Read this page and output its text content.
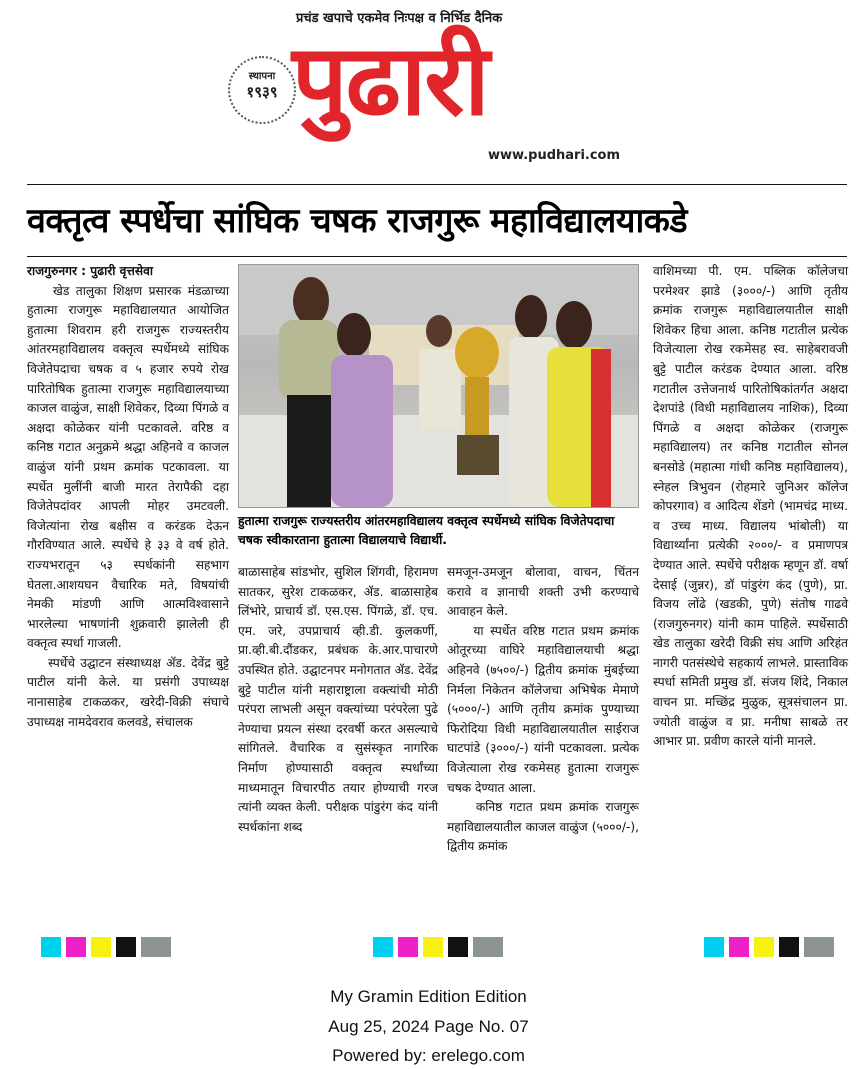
प्रचंड खपाचे एकमेव निःपक्ष व निर्भिड दैनिक
स्थापना
१९३९ पुढारी
www.pudhari.com
वक्तृत्व स्पर्धेचा सांघिक चषक राजगुरू महाविद्यालयाकडे

राजगुरुनगर : पुढारी वृत्तसेवा

खेड तालुका शिक्षण प्रसारक मंडळाच्या हुतात्मा राजगुरू महाविद्यालयात आयोजित हुतात्मा शिवराम हरी राजगुरू राज्यस्तरीय आंतरमहाविद्यालय वक्तृत्व स्पर्धेमध्ये सांघिक विजेतेपदाचा चषक व ५ हजार रुपये रोख पारितोषिक हुतात्मा राजगुरू महाविद्यालयाच्या काजल वाळुंज, साक्षी शिवेकर, दिव्या पिंगळे व अक्षदा कोळेकर यांनी पटकावले. वरिष्ठ व कनिष्ठ गटात अनुक्रमे श्रद्धा अहिनवे व काजल वाळुंज यांनी प्रथम क्रमांक पटकावला. या स्पर्धेत मुलींनी बाजी मारत तेरापैकी दहा विजेतेपदांवर आपली मोहर उमटवली. विजेत्यांना रोख बक्षीस व करंडक देऊन गौरविण्यात आले. स्पर्धेचे हे ३३ वे वर्ष होते. राज्यभरातून ५३ स्पर्धकांनी सहभाग घेतला.आशयघन वैचारिक मते, विषयांची नेमकी मांडणी आणि आत्मविश्वासाने भारलेल्या भाषणांनी शुक्रवारी झालेली ही वक्तृत्व स्पर्धा गाजली.

स्पर्धेचे उद्घाटन संस्थाध्यक्ष ॲड. देवेंद्र बुट्टे पाटील यांनी केले. या प्रसंगी उपाध्यक्ष नानासाहेब टाकळकर, खरेदी-विक्री संघाचे उपाध्यक्ष नामदेवराव कलवडे, संचालक

हुतात्मा राजगुरू राज्यस्तरीय आंतरमहाविद्यालय वक्तृत्व स्पर्धेमध्ये सांघिक विजेतेपदाचा चषक स्वीकारताना हुतात्मा विद्यालयाचे विद्यार्थी.

बाळासाहेब सांडभोर, सुशिल शिंगवी, हिरामण सातकर, सुरेश टाकळकर, ॲड. बाळासाहेब लिंभोरे, प्राचार्य डॉ. एस.एस. पिंगळे, डॉ. एच. एम. जरे, उपप्राचार्य व्ही.डी. कुलकर्णी, प्रा.व्ही.बी.दौंडकर, प्रबंधक के.आर.पाचारणे उपस्थित होते. उद्घाटनपर मनोगतात ॲड. देवेंद्र बुट्टे पाटील यांनी महाराष्ट्राला वक्त्यांची मोठी परंपरा लाभली असून वक्त्यांच्या परंपरेला पुढे नेण्याचा प्रयत्न संस्था दरवर्षी करत असल्याचे सांगितले. वैचारिक व सुसंस्कृत नागरिक निर्माण होण्यासाठी वक्तृत्व स्पर्धांच्या माध्यमातून विचारपीठ तयार होण्याची गरज त्यांनी व्यक्त केली. परीक्षक पांडुरंग कंद यांनी स्पर्धकांना शब्द

समजून-उमजून बोलावा, वाचन, चिंतन करावे व ज्ञानाची शक्ती उभी करण्याचे आवाहन केले.

या स्पर्धेत वरिष्ठ गटात प्रथम क्रमांक ओतूरच्या वाघिरे महाविद्यालयाची श्रद्धा अहिनवे (७५००/-) द्वितीय क्रमांक मुंबईच्या निर्मला निकेतन कॉलेजचा अभिषेक मेमाणे (५०००/-) आणि तृतीय क्रमांक पुण्याच्या फिरोदिया विधी महाविद्यालयातील साईराज घाटपांडे (३०००/-) यांनी पटकावला. प्रत्येक विजेत्याला रोख रकमेसह हुतात्मा राजगुरू चषक देण्यात आला.

कनिष्ठ गटात प्रथम क्रमांक राजगुरू महाविद्यालयातील काजल वाळुंज (५०००/-), द्वितीय क्रमांक

वाशिमच्या पी. एम. पब्लिक कॉलेजचा परमेश्वर झाडे (३०००/-) आणि तृतीय क्रमांक राजगुरू महाविद्यालयातील साक्षी शिवेकर हिचा आला. कनिष्ठ गटातील प्रत्येक विजेत्याला रोख रकमेसह स्व. साहेबरावजी बुट्टे पाटील करंडक देण्यात आला. वरिष्ठ गटातील उत्तेजनार्थ पारितोषिकांतर्गत अक्षदा देशपांडे (विधी महाविद्यालय नाशिक), दिव्या पिंगळे व अक्षदा कोळेकर (राजगुरू महाविद्यालय) तर कनिष्ठ गटातील सोनल बनसोडे (महात्मा गांधी कनिष्ठ महाविद्यालय), स्नेहल त्रिभुवन (रोहमारे जुनिअर कॉलेज कोपरगाव) व आदित्य शेंडगे (भामचंद्र माध्य. व उच्च माध्य. विद्यालय भांबोली) या विद्यार्थ्यांना प्रत्येकी २०००/- व प्रमाणपत्र देण्यात आले. स्पर्धेचे परीक्षक म्हणून डॉ. वर्षा देसाई (जुन्नर), डॉ पांडुरंग कंद (पुणे), प्रा. विजय लोंढे (खडकी, पुणे) संतोष गाढवे (राजगुरुनगर) यांनी काम पाहिले. स्पर्धेसाठी खेड तालुका खरेदी विक्री संघ आणि अरिहंत नागरी पतसंस्थेचे सहकार्य लाभले. प्रास्ताविक स्पर्धा समिती प्रमुख डॉ. संजय शिंदे, निकाल वाचन प्रा. मच्छिंद्र मुळुक, सूत्रसंचालन प्रा. ज्योती वाळुंज व प्रा. मनीषा साबळे तर आभार प्रा. प्रवीण कारले यांनी मानले.

My Gramin Edition Edition
Aug 25, 2024 Page No. 07
Powered by: erelego.com
